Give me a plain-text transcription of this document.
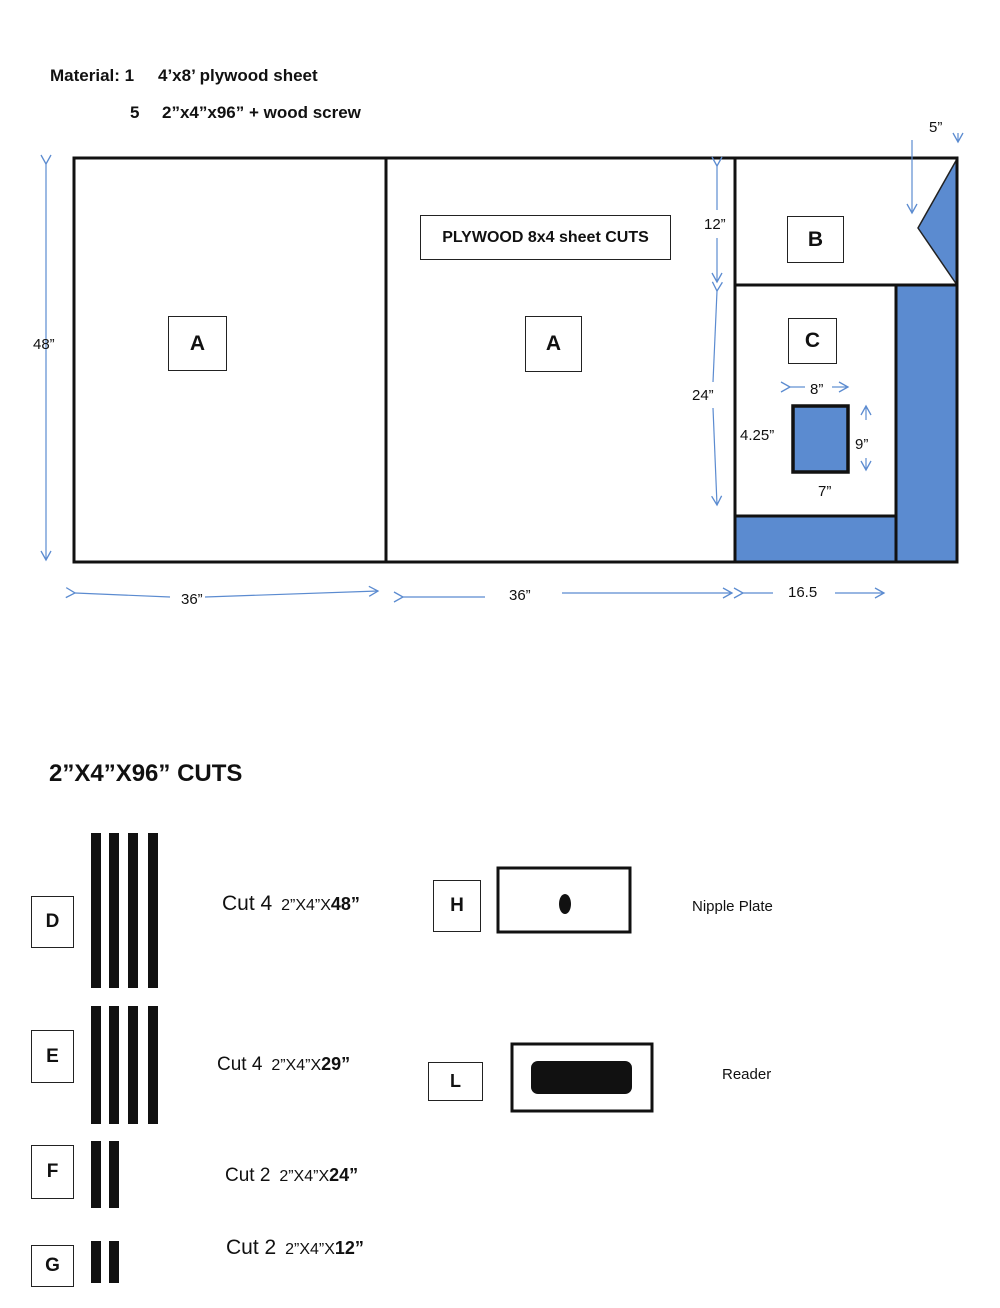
Material: 1 4’x8’ plywood sheet
5 2”x4”x96” + wood screw
A	A
B
C
PLYWOOD 8x4 sheet CUTS
48”
36”	36”	16.5
12”
24”
5”
8”
4.25”
9”
7”
2”X4”X96” CUTS
D
E
F
G
Cut 4 2”X4”X48”
Cut 4 2”X4”X29”
Cut 2 2”X4”X24”
Cut 2 2”X4”X12”
H	Nipple Plate
L	Reader
